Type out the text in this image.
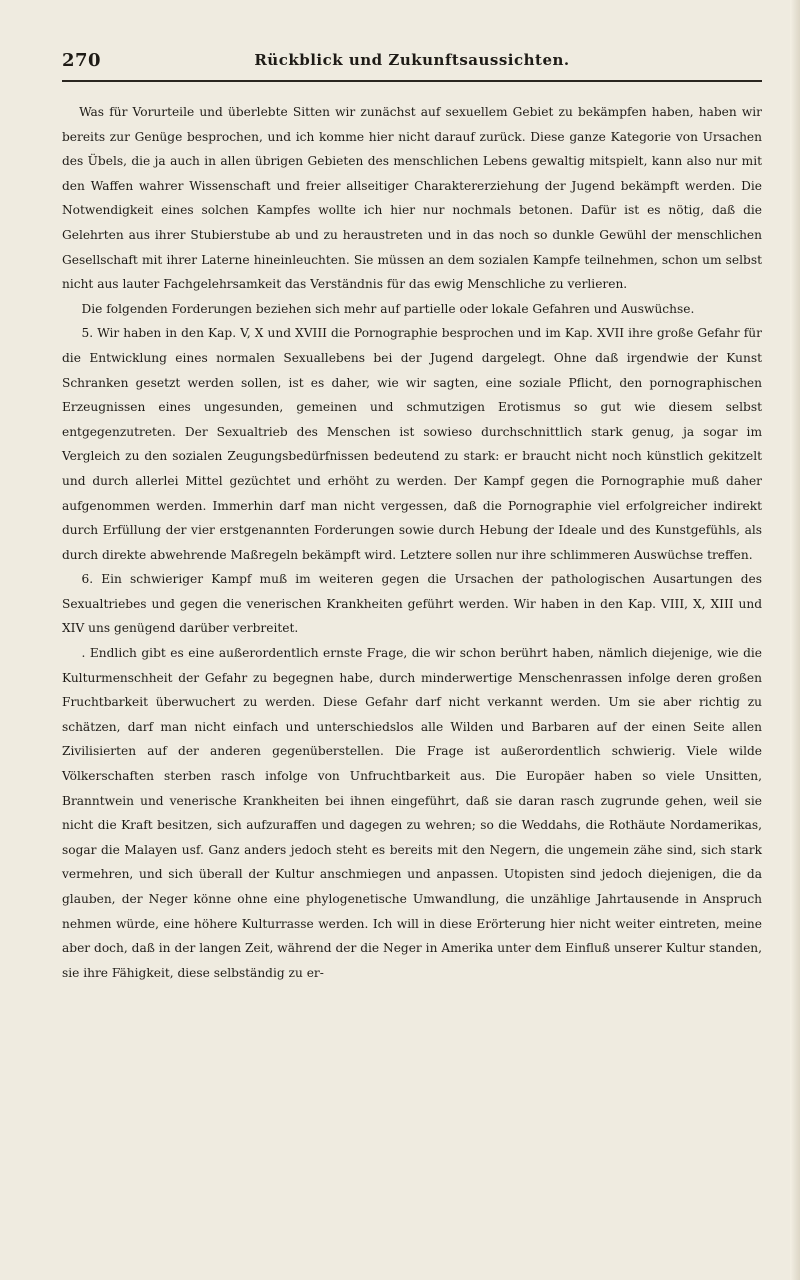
270	Rückblick und Zukunftsaussichten.

Was für Vorurteile und überlebte Sitten wir zunächst auf sexuellem Gebiet zu bekämpfen haben, haben wir bereits zur Genüge besprochen, und ich komme hier nicht darauf zurück. Diese ganze Kategorie von Ursachen des Übels, die ja auch in allen übrigen Gebieten des menschlichen Lebens gewaltig mitspielt, kann also nur mit den Waffen wahrer Wissenschaft und freier allseitiger Charaktererziehung der Jugend bekämpft werden. Die Notwendigkeit eines solchen Kampfes wollte ich hier nur nochmals betonen. Dafür ist es nötig, daß die Gelehrten aus ihrer Stubierstube ab und zu heraustreten und in das noch so dunkle Gewühl der menschlichen Gesellschaft mit ihrer Laterne hineinleuchten. Sie müssen an dem sozialen Kampfe teilnehmen, schon um selbst nicht aus lauter Fachgelehrsamkeit das Verständnis für das ewig Menschliche zu verlieren.

Die folgenden Forderungen beziehen sich mehr auf partielle oder lokale Gefahren und Auswüchse.

5. Wir haben in den Kap. V, X und XVIII die Pornographie besprochen und im Kap. XVII ihre große Gefahr für die Entwicklung eines normalen Sexuallebens bei der Jugend dargelegt. Ohne daß irgendwie der Kunst Schranken gesetzt werden sollen, ist es daher, wie wir sagten, eine soziale Pflicht, den pornographischen Erzeugnissen eines ungesunden, gemeinen und schmutzigen Erotismus so gut wie diesem selbst entgegenzutreten. Der Sexualtrieb des Menschen ist sowieso durchschnittlich stark genug, ja sogar im Vergleich zu den sozialen Zeugungsbedürfnissen bedeutend zu stark: er braucht nicht noch künstlich gekitzelt und durch allerlei Mittel gezüchtet und erhöht zu werden. Der Kampf gegen die Pornographie muß daher aufgenommen werden. Immerhin darf man nicht vergessen, daß die Pornographie viel erfolgreicher indirekt durch Erfüllung der vier erstgenannten Forderungen sowie durch Hebung der Ideale und des Kunstgefühls, als durch direkte abwehrende Maßregeln bekämpft wird. Letztere sollen nur ihre schlimmeren Auswüchse treffen.

6. Ein schwieriger Kampf muß im weiteren gegen die Ursachen der pathologischen Ausartungen des Sexualtriebes und gegen die venerischen Krankheiten geführt werden. Wir haben in den Kap. VIII, X, XIII und XIV uns genügend darüber verbreitet.

. Endlich gibt es eine außerordentlich ernste Frage, die wir schon berührt haben, nämlich diejenige, wie die Kulturmenschheit der Gefahr zu begegnen habe, durch minderwertige Menschenrassen infolge deren großen Fruchtbarkeit überwuchert zu werden. Diese Gefahr darf nicht verkannt werden. Um sie aber richtig zu schätzen, darf man nicht einfach und unterschiedslos alle Wilden und Barbaren auf der einen Seite allen Zivilisierten auf der anderen gegenüberstellen. Die Frage ist außerordentlich schwierig. Viele wilde Völkerschaften sterben rasch infolge von Unfruchtbarkeit aus. Die Europäer haben so viele Unsitten, Branntwein und venerische Krankheiten bei ihnen eingeführt, daß sie daran rasch zugrunde gehen, weil sie nicht die Kraft besitzen, sich aufzuraffen und dagegen zu wehren; so die Weddahs, die Rothäute Nordamerikas, sogar die Malayen usf. Ganz anders jedoch steht es bereits mit den Negern, die ungemein zähe sind, sich stark vermehren, und sich überall der Kultur anschmiegen und anpassen. Utopisten sind jedoch diejenigen, die da glauben, der Neger könne ohne eine phylogenetische Umwandlung, die unzählige Jahrtausende in Anspruch nehmen würde, eine höhere Kulturrasse werden. Ich will in diese Erörterung hier nicht weiter eintreten, meine aber doch, daß in der langen Zeit, während der die Neger in Amerika unter dem Einfluß unserer Kultur standen, sie ihre Fähigkeit, diese selbständig zu er-
